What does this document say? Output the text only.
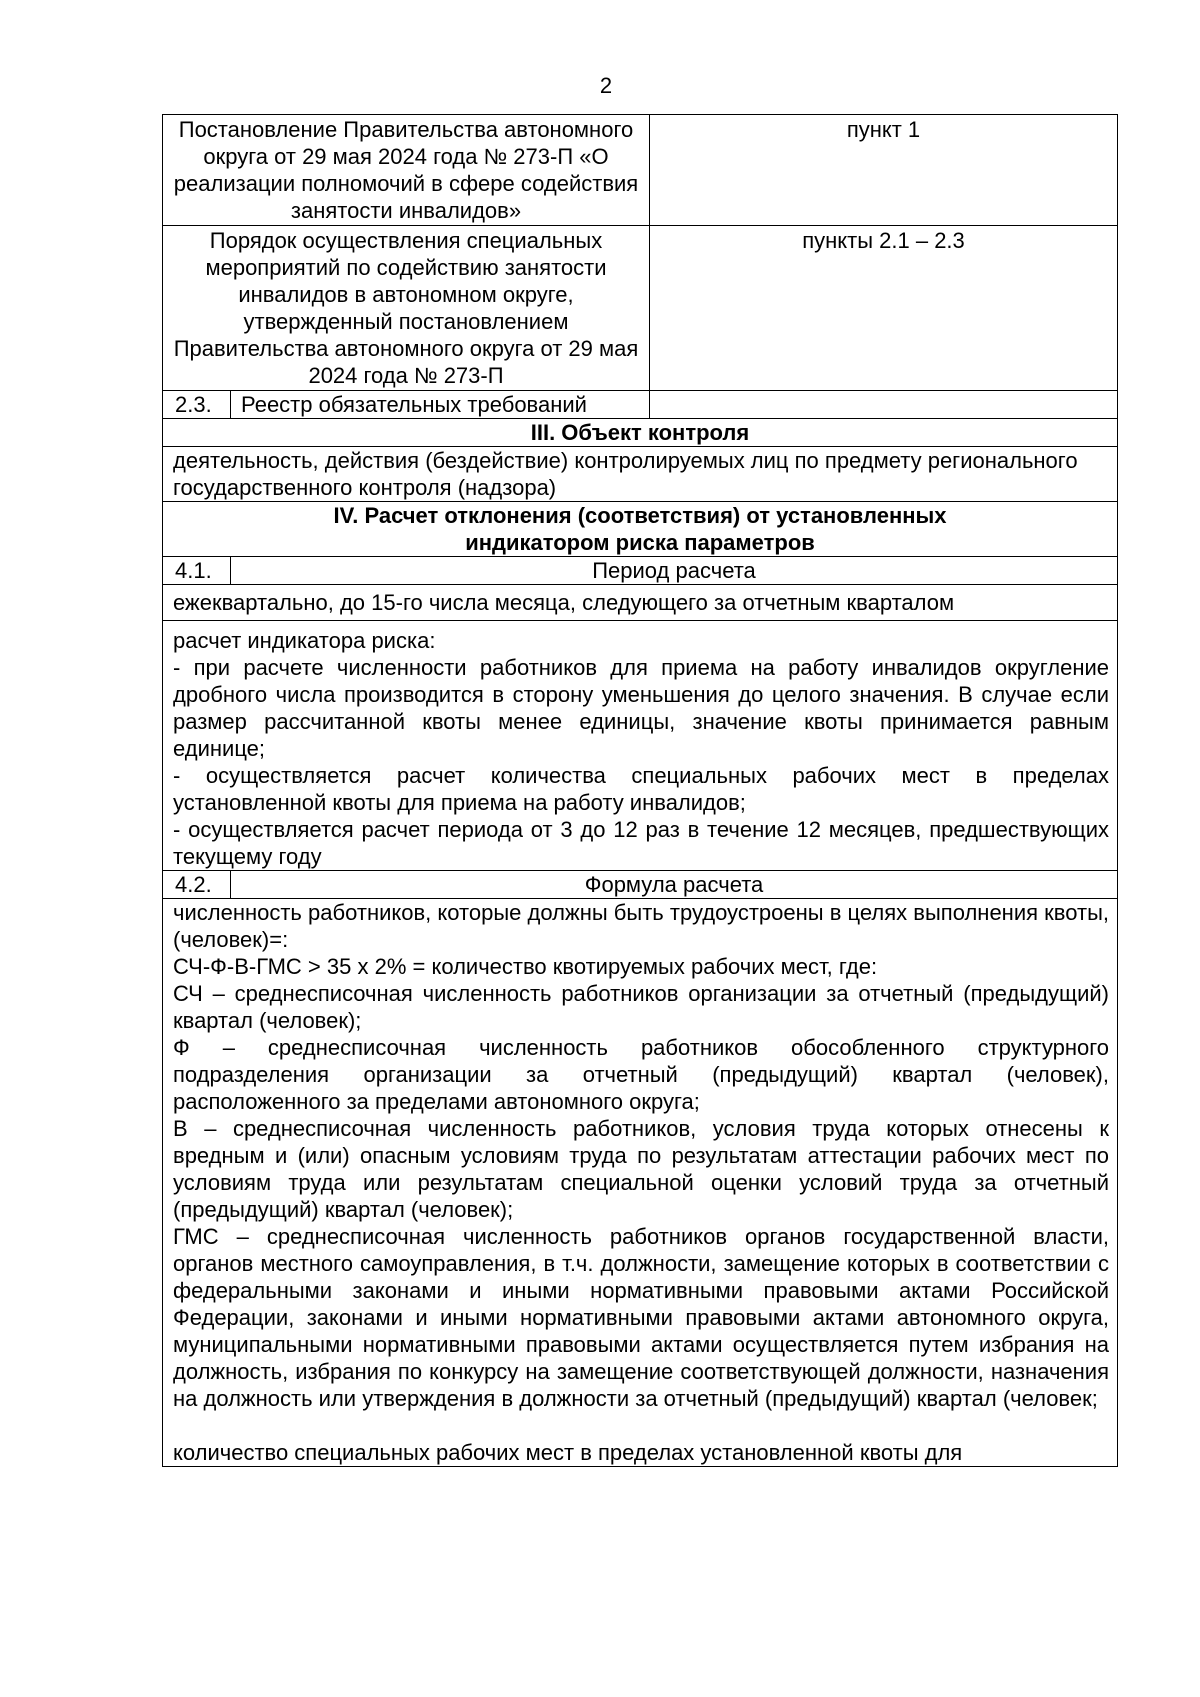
2
Постановление Правительства автономного округа от 29 мая 2024 года № 273-П «О реализации полномочий в сфере содействия занятости инвалидов»
пункт 1
Порядок осуществления специальных мероприятий по содействию занятости инвалидов в автономном округе, утвержденный постановлением Правительства автономного округа от 29 мая 2024 года № 273-П
пункты 2.1 – 2.3
2.3.	Реестр обязательных требований
III. Объект контроля
деятельность, действия (бездействие) контролируемых лиц по предмету регионального государственного контроля (надзора)

IV. Расчет отклонения (соответствия) от установленных

индикатором риска параметров

4.1.	Период расчета
ежеквартально, до 15-го числа месяца, следующего за отчетным кварталом

расчет индикатора риска:

- при расчете численности работников для приема на работу инвалидов округление дробного числа производится в сторону уменьшения до целого значения. В случае если размер рассчитанной квоты менее единицы, значение квоты принимается равным единице;

- осуществляется расчет количества специальных рабочих мест в пределах установленной квоты для приема на работу инвалидов;

- осуществляется расчет периода от 3 до 12 раз в течение 12 месяцев, предшествующих текущему году

4.2.	Формула расчета

численность работников, которые должны быть трудоустроены в целях выполнения квоты, (человек)=:

СЧ-Ф-В-ГМС > 35 х 2% = количество квотируемых рабочих мест, где:

СЧ – среднесписочная численность работников организации за отчетный (предыдущий) квартал (человек);

Ф – среднесписочная численность работников обособленного структурного подразделения организации за отчетный (предыдущий) квартал (человек), расположенного за пределами автономного округа;

В – среднесписочная численность работников, условия труда которых отнесены к вредным и (или) опасным условиям труда по результатам аттестации рабочих мест по условиям труда или результатам специальной оценки условий труда за отчетный (предыдущий) квартал (человек);

ГМС – среднесписочная численность работников органов государственной власти, органов местного самоуправления, в т.ч. должности, замещение которых в соответствии с федеральными законами и иными нормативными правовыми актами Российской Федерации, законами и иными нормативными правовыми актами автономного округа, муниципальными нормативными правовыми актами осуществляется путем избрания на должность, избрания по конкурсу на замещение соответствующей должности, назначения на должность или утверждения в должности за отчетный (предыдущий) квартал (человек;

количество специальных рабочих мест в пределах установленной квоты для
